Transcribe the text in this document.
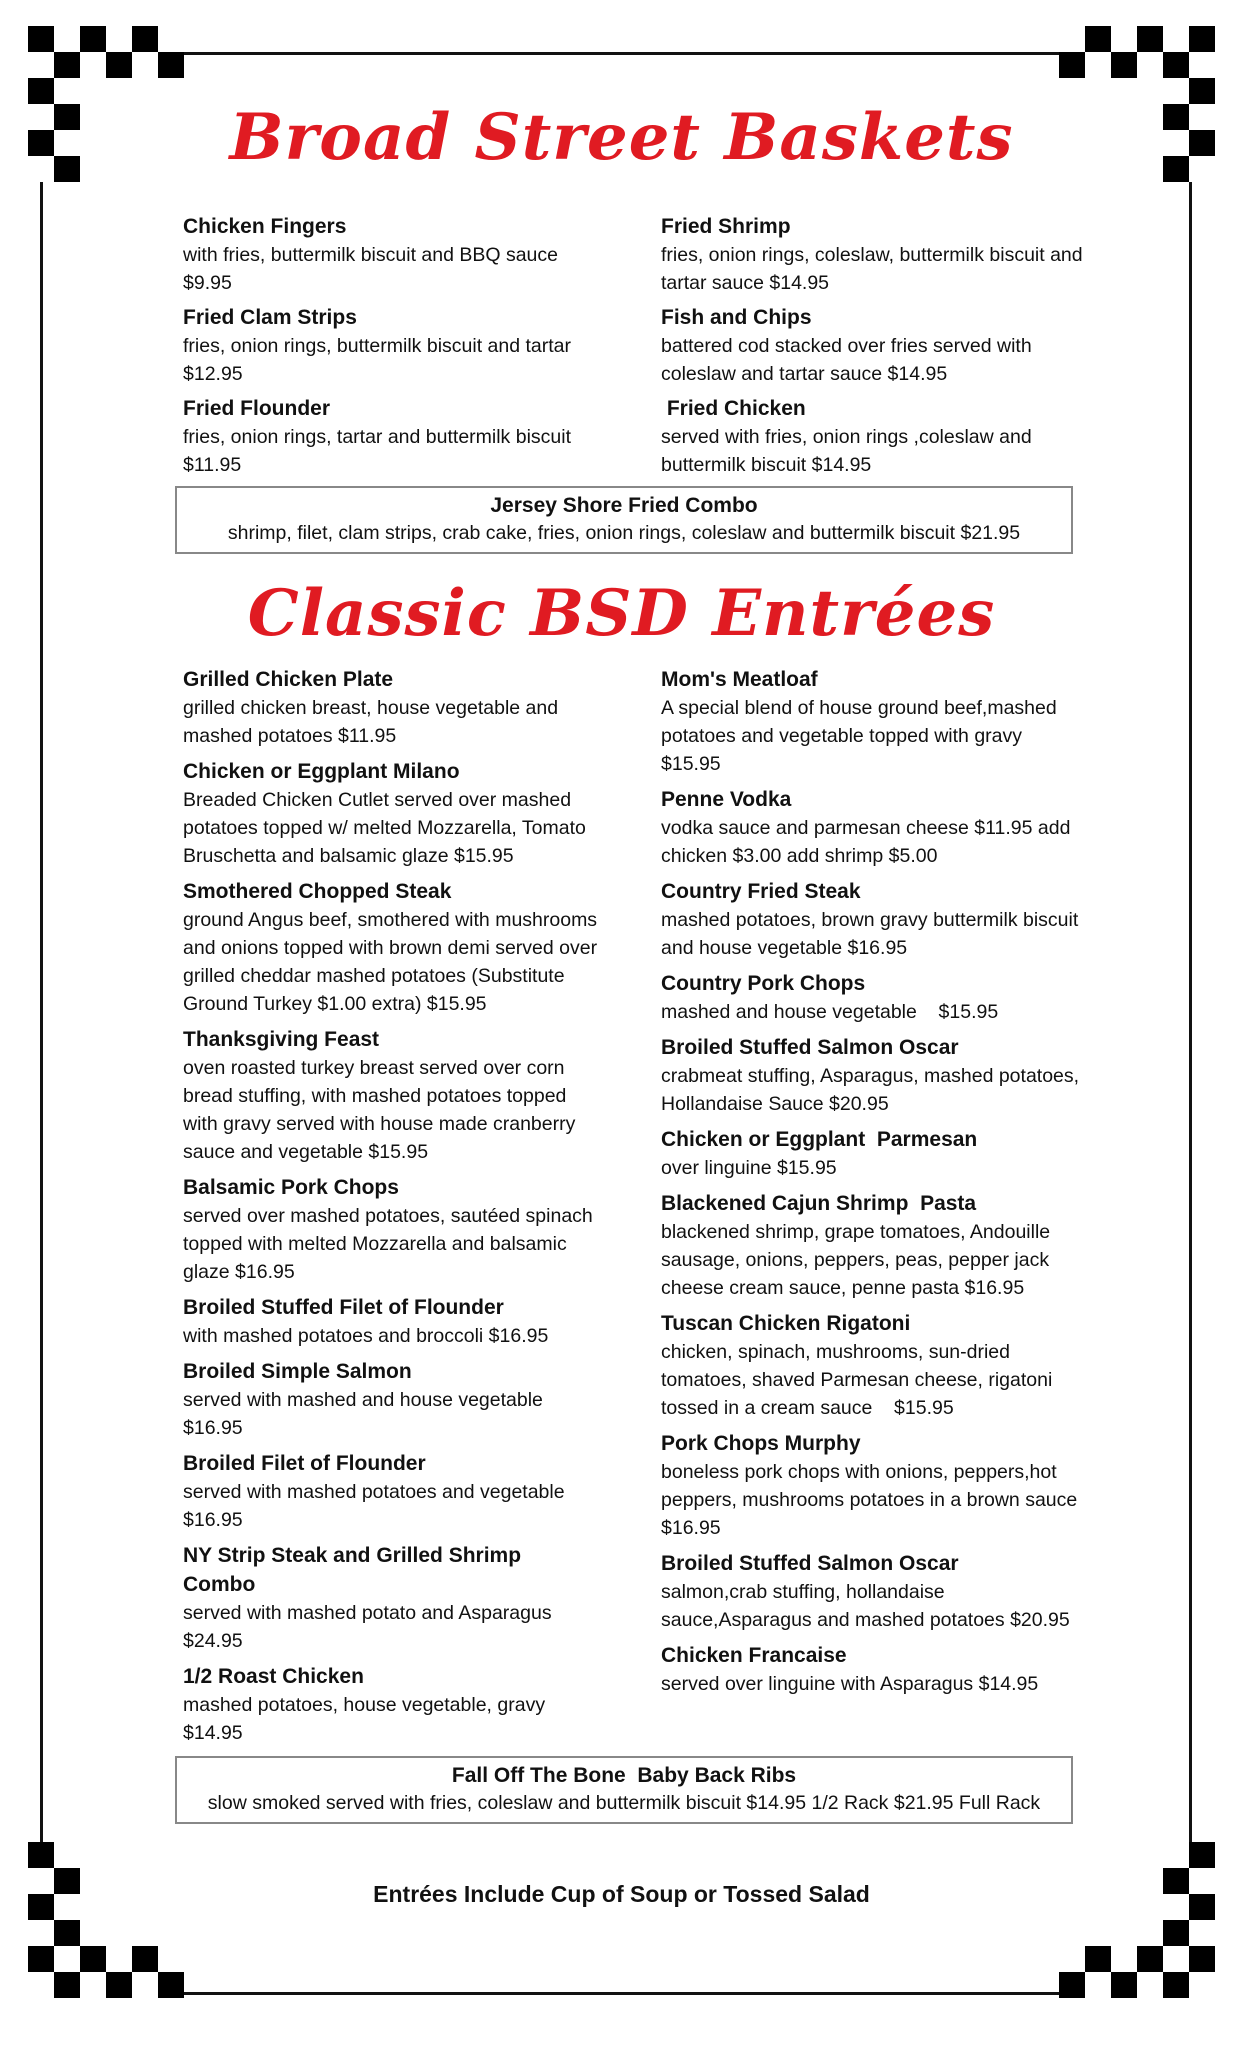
Broad Street Baskets

Chicken Fingers

with fries, buttermilk biscuit and BBQ sauce

$9.95

Fried Clam Strips

fries, onion rings, buttermilk biscuit and tartar

$12.95

Fried Flounder

fries, onion rings, tartar and buttermilk biscuit

$11.95

Fried Shrimp

fries, onion rings, coleslaw, buttermilk biscuit and

tartar sauce $14.95

Fish and Chips

battered cod stacked over fries served with

coleslaw and tartar sauce $14.95

Fried Chicken

served with fries, onion rings ,coleslaw and

buttermilk biscuit $14.95

Jersey Shore Fried Combo

shrimp, filet, clam strips, crab cake, fries, onion rings, coleslaw and buttermilk biscuit $21.95

Classic BSD Entrées

Grilled Chicken Plate

grilled chicken breast, house vegetable and

mashed potatoes $11.95

Chicken or Eggplant Milano

Breaded Chicken Cutlet served over mashed

potatoes topped w/ melted Mozzarella, Tomato

Bruschetta and balsamic glaze $15.95

Smothered Chopped Steak

ground Angus beef, smothered with mushrooms

and onions topped with brown demi served over

grilled cheddar mashed potatoes (Substitute

Ground Turkey $1.00 extra) $15.95

Thanksgiving Feast

oven roasted turkey breast served over corn

bread stuffing, with mashed potatoes topped

with gravy served with house made cranberry

sauce and vegetable $15.95

Balsamic Pork Chops

served over mashed potatoes, sautéed spinach

topped with melted Mozzarella and balsamic

glaze $16.95

Broiled Stuffed Filet of Flounder

with mashed potatoes and broccoli $16.95

Broiled Simple Salmon

served with mashed and house vegetable

$16.95

Broiled Filet of Flounder

served with mashed potatoes and vegetable

$16.95

NY Strip Steak and Grilled Shrimp

Combo

served with mashed potato and Asparagus

$24.95

1/2 Roast Chicken

mashed potatoes, house vegetable, gravy

$14.95

Mom's Meatloaf

A special blend of house ground beef,mashed

potatoes and vegetable topped with gravy

$15.95

Penne Vodka

vodka sauce and parmesan cheese $11.95 add

chicken $3.00 add shrimp $5.00

Country Fried Steak

mashed potatoes, brown gravy buttermilk biscuit

and house vegetable $16.95

Country Pork Chops

mashed and house vegetable    $15.95

Broiled Stuffed Salmon Oscar

crabmeat stuffing, Asparagus, mashed potatoes,

Hollandaise Sauce $20.95

Chicken or Eggplant  Parmesan

over linguine $15.95

Blackened Cajun Shrimp  Pasta

blackened shrimp, grape tomatoes, Andouille

sausage, onions, peppers, peas, pepper jack

cheese cream sauce, penne pasta $16.95

Tuscan Chicken Rigatoni

chicken, spinach, mushrooms, sun-dried

tomatoes, shaved Parmesan cheese, rigatoni

tossed in a cream sauce    $15.95

Pork Chops Murphy

boneless pork chops with onions, peppers,hot

peppers, mushrooms potatoes in a brown sauce

$16.95

Broiled Stuffed Salmon Oscar

salmon,crab stuffing, hollandaise

sauce,Asparagus and mashed potatoes $20.95

Chicken Francaise

served over linguine with Asparagus $14.95

Fall Off The Bone  Baby Back Ribs

slow smoked served with fries, coleslaw and buttermilk biscuit $14.95 1/2 Rack $21.95 Full Rack

Entrées Include Cup of Soup or Tossed Salad
